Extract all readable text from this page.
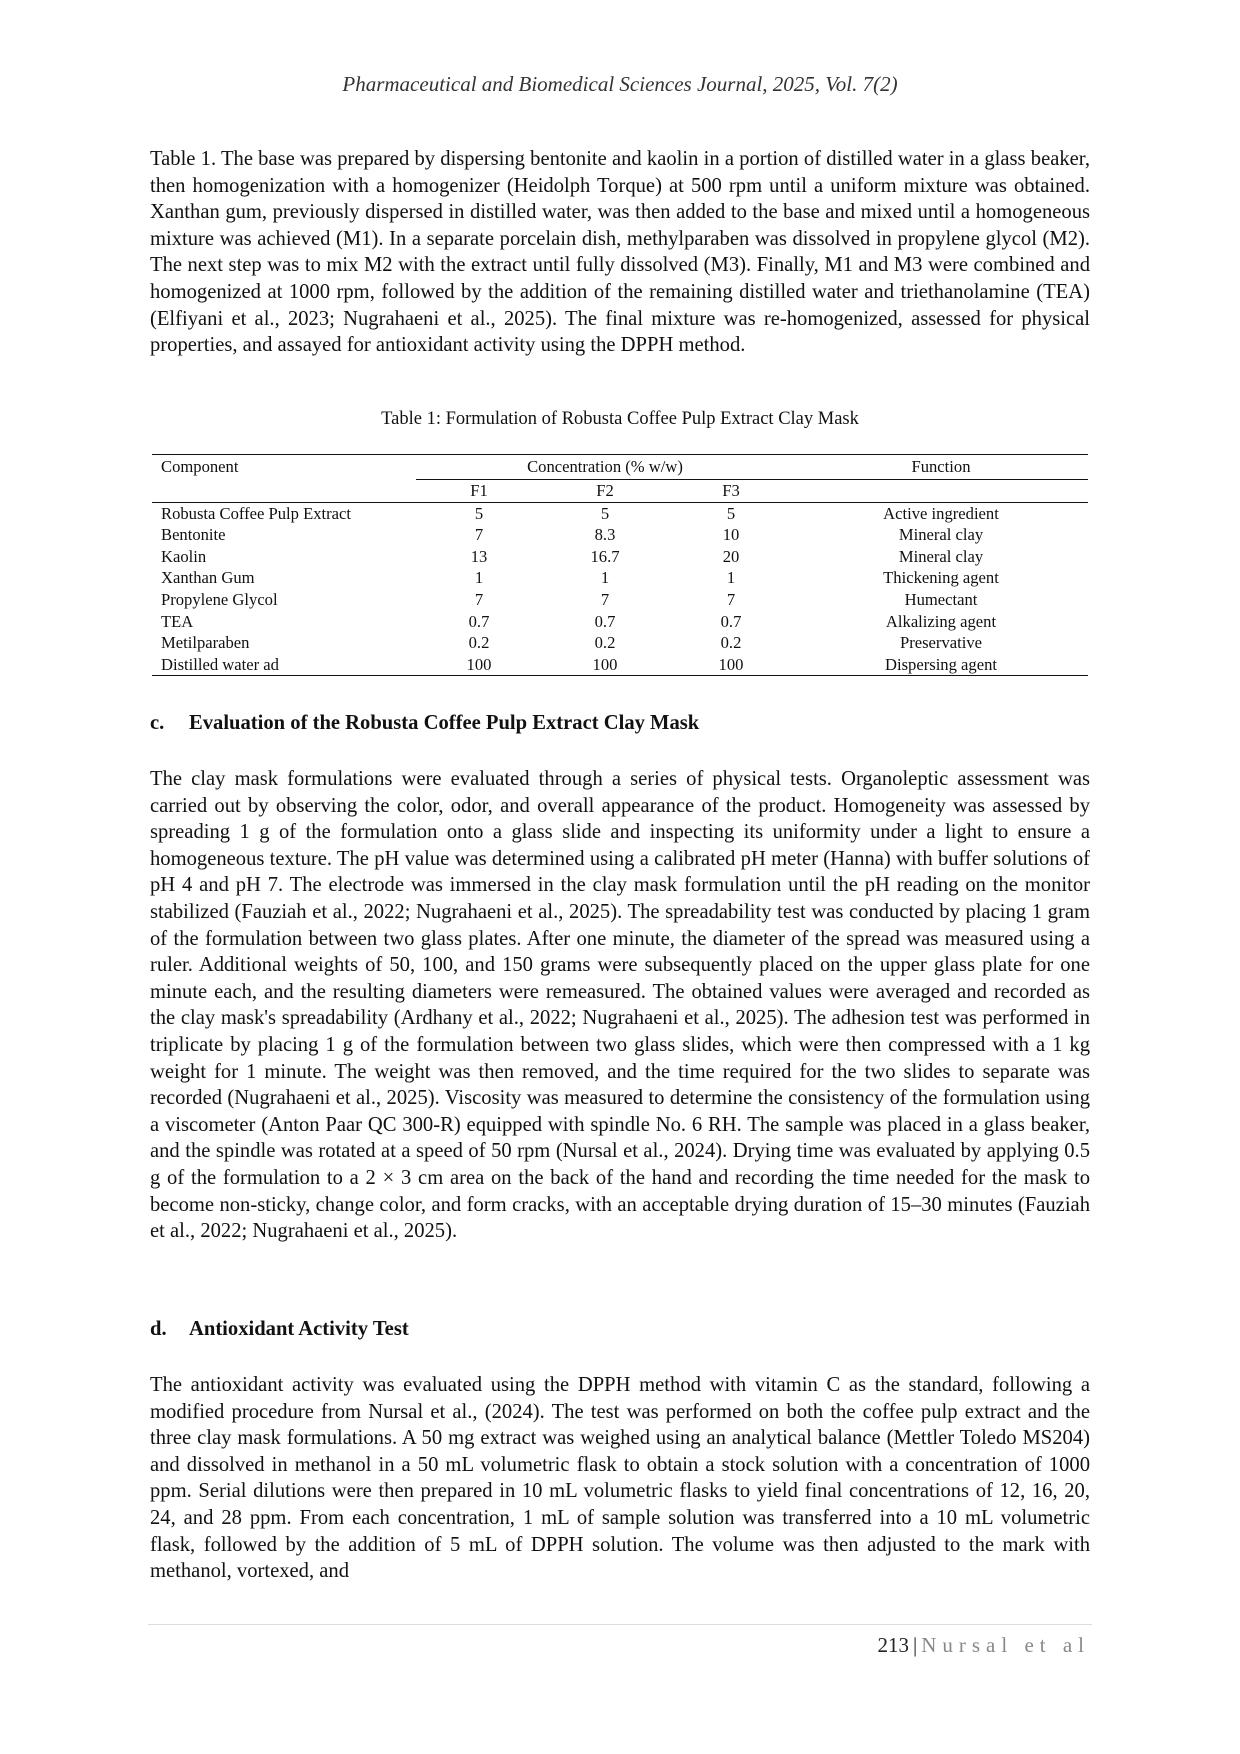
Pharmaceutical and Biomedical Sciences Journal, 2025, Vol. 7(2)

Table 1. The base was prepared by dispersing bentonite and kaolin in a portion of distilled water in a glass beaker, then homogenization with a homogenizer (Heidolph Torque) at 500 rpm until a uniform mixture was obtained. Xanthan gum, previously dispersed in distilled water, was then added to the base and mixed until a homogeneous mixture was achieved (M1). In a separate porcelain dish, methylparaben was dissolved in propylene glycol (M2). The next step was to mix M2 with the extract until fully dissolved (M3). Finally, M1 and M3 were combined and homogenized at 1000 rpm, followed by the addition of the remaining distilled water and triethanolamine (TEA) (Elfiyani et al., 2023; Nugrahaeni et al., 2025). The final mixture was re-homogenized, assessed for physical properties, and assayed for antioxidant activity using the DPPH method.

Table 1: Formulation of Robusta Coffee Pulp Extract Clay Mask
Component	Concentration (% w/w)			Function
	F1	F2	F3	
Robusta Coffee Pulp Extract	5	5	5	Active ingredient
Bentonite	7	8.3	10	Mineral clay
Kaolin	13	16.7	20	Mineral clay
Xanthan Gum	1	1	1	Thickening agent
Propylene Glycol	7	7	7	Humectant
TEA	0.7	0.7	0.7	Alkalizing agent
Metilparaben	0.2	0.2	0.2	Preservative
Distilled water ad	100	100	100	Dispersing agent
c. Evaluation of the Robusta Coffee Pulp Extract Clay Mask

The clay mask formulations were evaluated through a series of physical tests. Organoleptic assessment was carried out by observing the color, odor, and overall appearance of the product. Homogeneity was assessed by spreading 1 g of the formulation onto a glass slide and inspecting its uniformity under a light to ensure a homogeneous texture. The pH value was determined using a calibrated pH meter (Hanna) with buffer solutions of pH 4 and pH 7. The electrode was immersed in the clay mask formulation until the pH reading on the monitor stabilized (Fauziah et al., 2022; Nugrahaeni et al., 2025). The spreadability test was conducted by placing 1 gram of the formulation between two glass plates. After one minute, the diameter of the spread was measured using a ruler. Additional weights of 50, 100, and 150 grams were subsequently placed on the upper glass plate for one minute each, and the resulting diameters were remeasured. The obtained values were averaged and recorded as the clay mask's spreadability (Ardhany et al., 2022; Nugrahaeni et al., 2025). The adhesion test was performed in triplicate by placing 1 g of the formulation between two glass slides, which were then compressed with a 1 kg weight for 1 minute. The weight was then removed, and the time required for the two slides to separate was recorded (Nugrahaeni et al., 2025). Viscosity was measured to determine the consistency of the formulation using a viscometer (Anton Paar QC 300-R) equipped with spindle No. 6 RH. The sample was placed in a glass beaker, and the spindle was rotated at a speed of 50 rpm (Nursal et al., 2024). Drying time was evaluated by applying 0.5 g of the formulation to a 2 × 3 cm area on the back of the hand and recording the time needed for the mask to become non-sticky, change color, and form cracks, with an acceptable drying duration of 15–30 minutes (Fauziah et al., 2022; Nugrahaeni et al., 2025).

d. Antioxidant Activity Test

The antioxidant activity was evaluated using the DPPH method with vitamin C as the standard, following a modified procedure from Nursal et al., (2024). The test was performed on both the coffee pulp extract and the three clay mask formulations. A 50 mg extract was weighed using an analytical balance (Mettler Toledo MS204) and dissolved in methanol in a 50 mL volumetric flask to obtain a stock solution with a concentration of 1000 ppm. Serial dilutions were then prepared in 10 mL volumetric flasks to yield final concentrations of 12, 16, 20, 24, and 28 ppm. From each concentration, 1 mL of sample solution was transferred into a 10 mL volumetric flask, followed by the addition of 5 mL of DPPH solution. The volume was then adjusted to the mark with methanol, vortexed, and

213 | Nursal et al
